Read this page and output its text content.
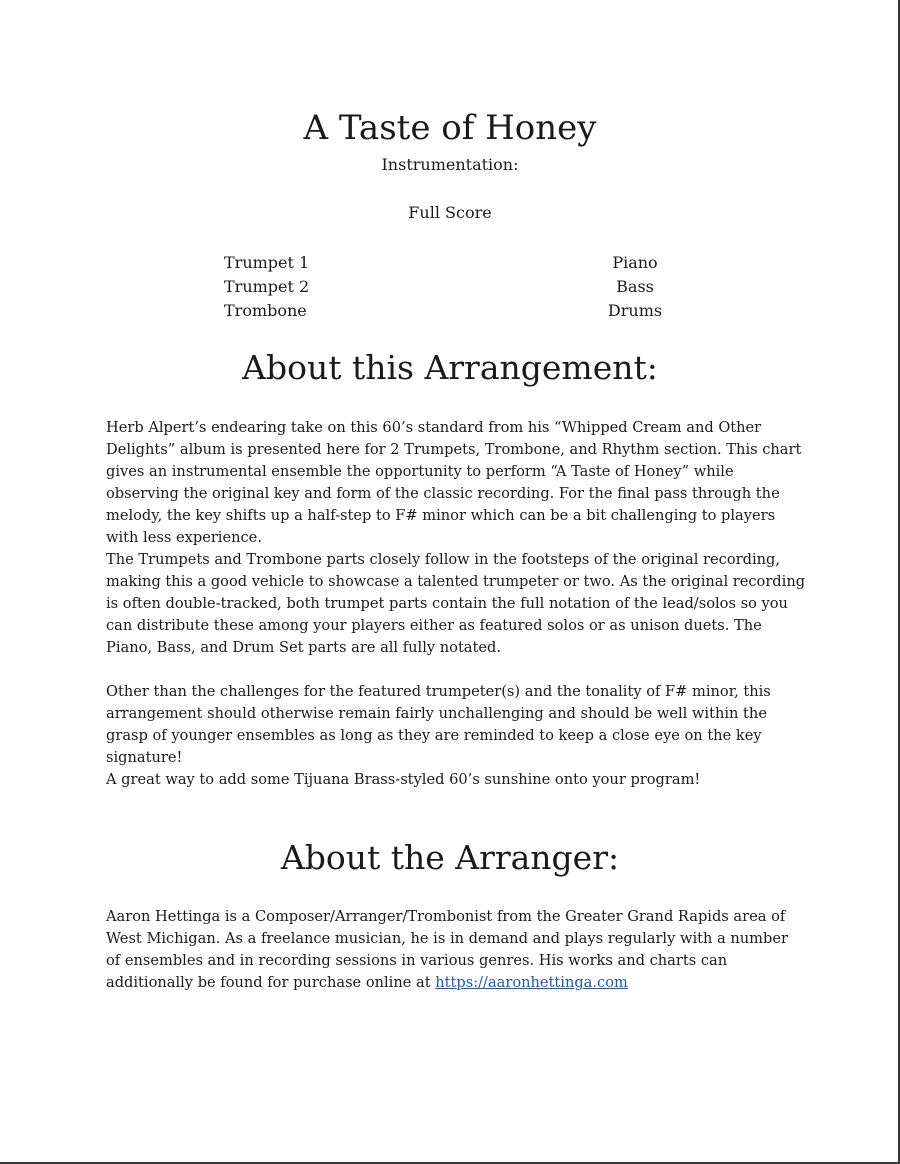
A Taste of Honey
Instrumentation:
Full Score
Trumpet 1
Trumpet 2
Trombone
Piano
Bass
Drums
About this Arrangement:

Herb Alpert’s endearing take on this 60’s standard from his “Whipped Cream and Other Delights” album is presented here for 2 Trumpets, Trombone, and Rhythm section. This chart gives an instrumental ensemble the opportunity to perform “A Taste of Honey” while observing the original key and form of the classic recording. For the final pass through the melody, the key shifts up a half-step to F# minor which can be a bit challenging to players with less experience.

The Trumpets and Trombone parts closely follow in the footsteps of the original recording, making this a good vehicle to showcase a talented trumpeter or two. As the original recording is often double-tracked, both trumpet parts contain the full notation of the lead/solos so you can distribute these among your players either as featured solos or as unison duets. The Piano, Bass, and Drum Set parts are all fully notated.

Other than the challenges for the featured trumpeter(s) and the tonality of F# minor, this arrangement should otherwise remain fairly unchallenging and should be well within the grasp of younger ensembles as long as they are reminded to keep a close eye on the key signature!

A great way to add some Tijuana Brass-styled 60’s sunshine onto your program!

About the Arranger:

Aaron Hettinga is a Composer/Arranger/Trombonist from the Greater Grand Rapids area of West Michigan. As a freelance musician, he is in demand and plays regularly with a number of ensembles and in recording sessions in various genres. His works and charts can additionally be found for purchase online at https://aaronhettinga.com
